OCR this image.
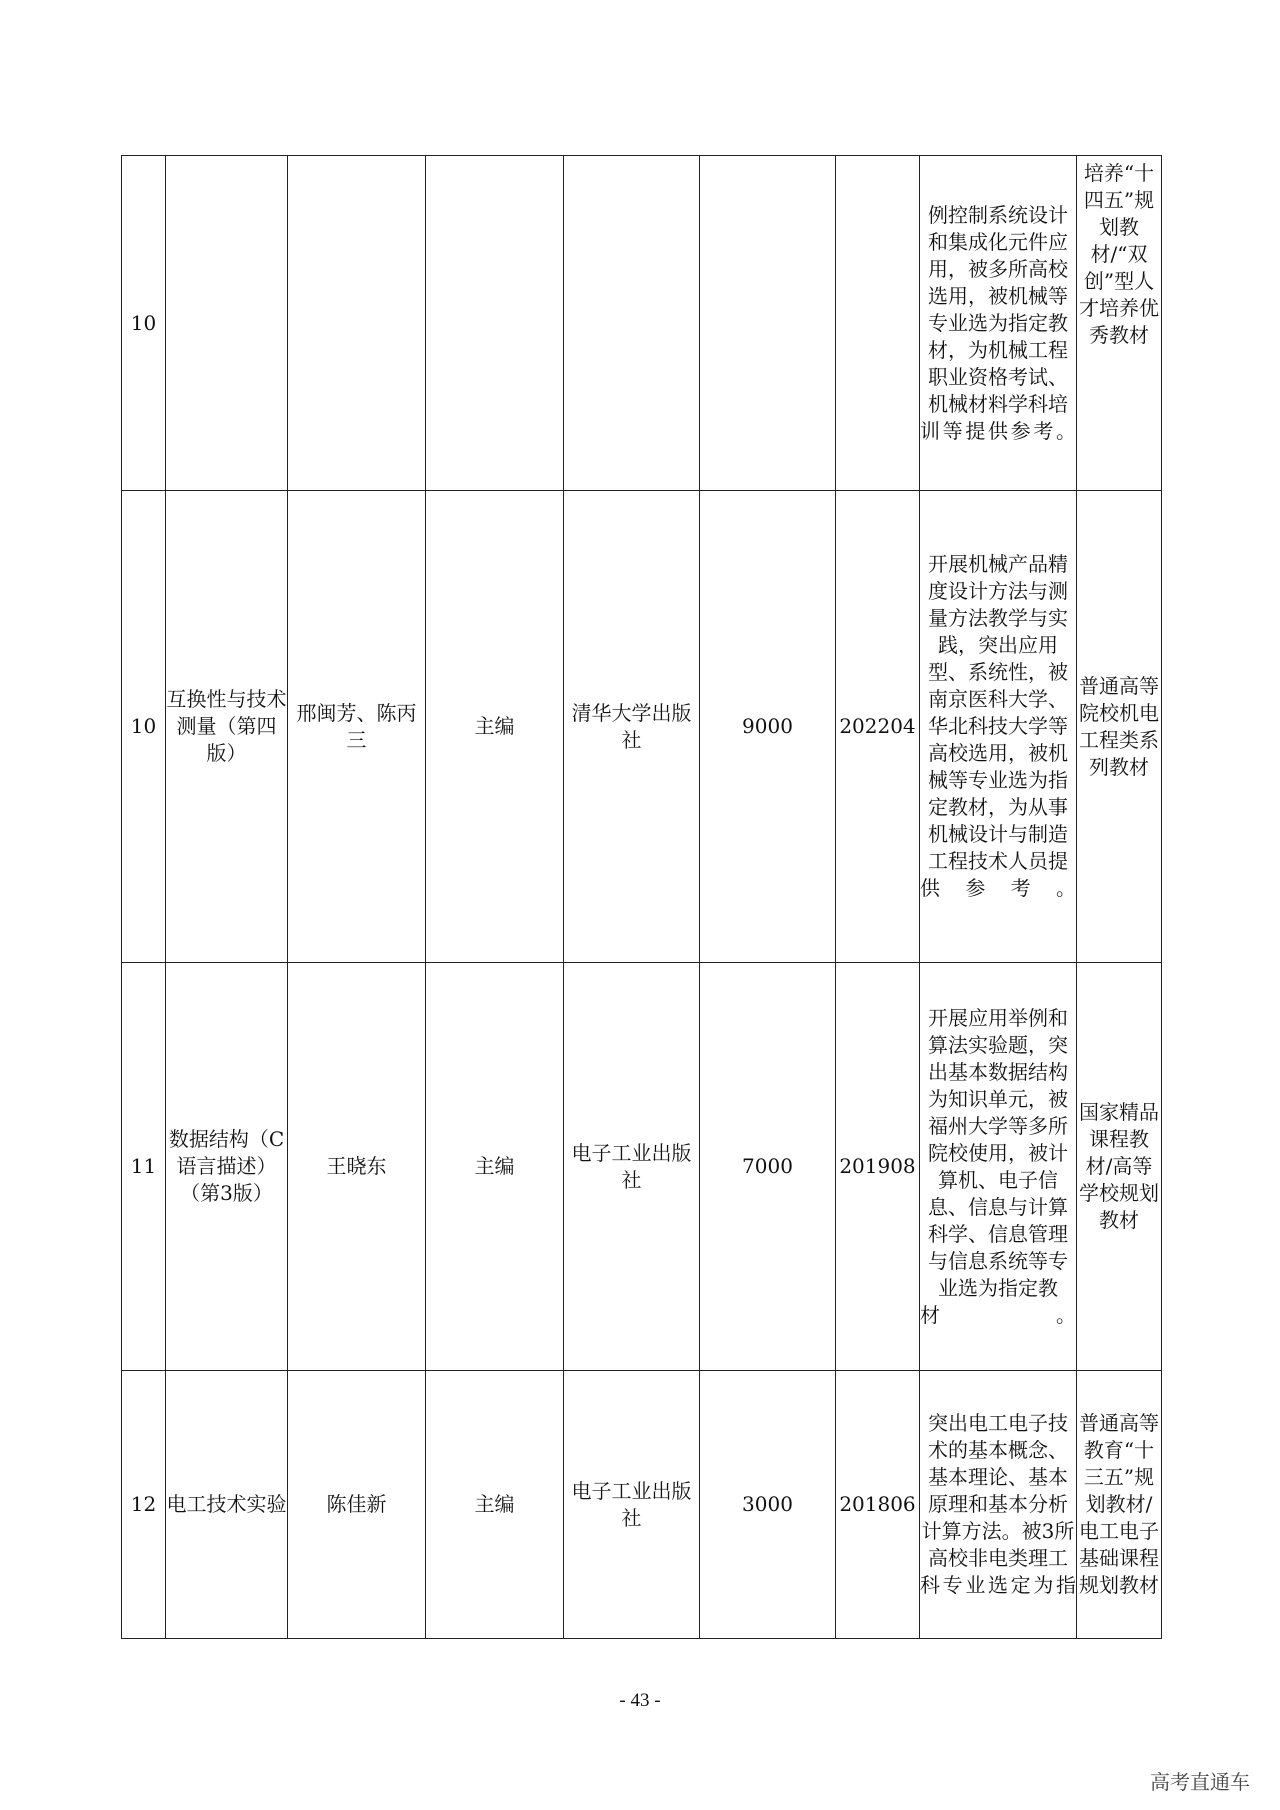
10							例控制系统设计和集成化元件应用，被多所高校选用，被机械等专业选为指定教材，为机械工程职业资格考试、机械材料学科培训等提供参考。	培养“十四五”规划教材/“双创”型人才培养优秀教材
10	互换性与技术测量（第四版）	邢闽芳、陈丙三	主编	清华大学出版社	9000	202204	开展机械产品精度设计方法与测量方法教学与实践，突出应用型、系统性，被南京医科大学、华北科技大学等高校选用，被机械等专业选为指定教材，为从事机械设计与制造工程技术人员提供参考。	普通高等院校机电工程类系列教材
11	数据结构（C语言描述）（第3版）	王晓东	主编	电子工业出版社	7000	201908	开展应用举例和算法实验题，突出基本数据结构为知识单元，被福州大学等多所院校使用，被计算机、电子信息、信息与计算科学、信息管理与信息系统等专业选为指定教材。	国家精品课程教材/高等学校规划教材
12	电工技术实验	陈佳新	主编	电子工业出版社	3000	201806	突出电工电子技术的基本概念、基本理论、基本原理和基本分析计算方法。被3所高校非电类理工科专业选定为指	普通高等教育“十三五”规划教材/电工电子基础课程规划教材
- 43 -
高考直通车
